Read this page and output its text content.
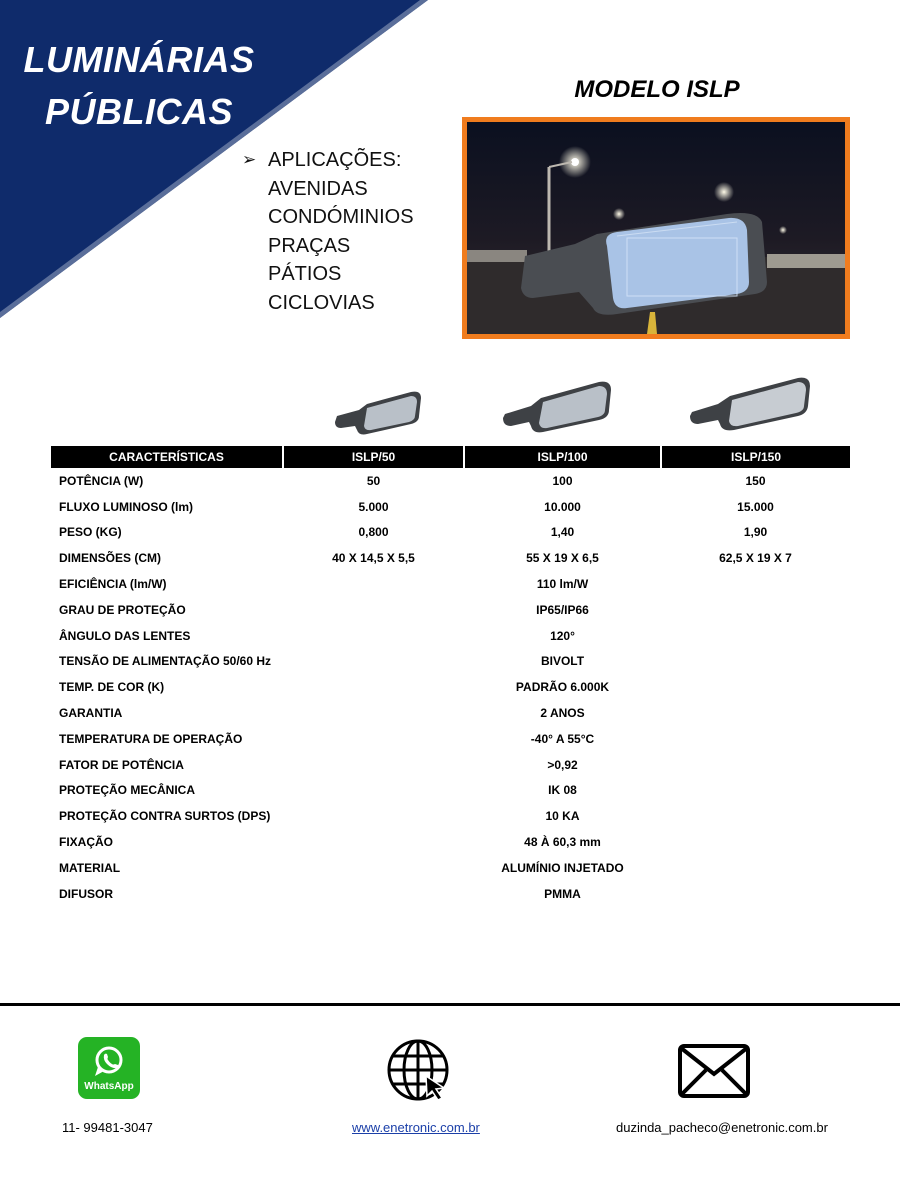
LUMINÁRIAS
PÚBLICAS
➢ APLICAÇÕES:
AVENIDAS
CONDÓMINIOS
PRAÇAS
PÁTIOS
CICLOVIAS
MODELO ISLP
CARACTERÍSTICAS	ISLP/50	ISLP/100	ISLP/150
POTÊNCIA (W)	50	100	150
FLUXO LUMINOSO (lm)	5.000	10.000	15.000
PESO (KG)	0,800	1,40	1,90
DIMENSÕES (CM)	40 X 14,5 X 5,5	55 X 19 X 6,5	62,5 X 19 X 7
EFICIÊNCIA (lm/W)		110 lm/W	
GRAU DE PROTEÇÃO		IP65/IP66	
ÂNGULO DAS LENTES		120°	
TENSÃO DE ALIMENTAÇÃO 50/60 Hz		BIVOLT	
TEMP. DE COR (K)		PADRÃO 6.000K	
GARANTIA		2 ANOS	
TEMPERATURA DE OPERAÇÃO		-40° A 55°C	
FATOR DE POTÊNCIA		>0,92	
PROTEÇÃO MECÂNICA		IK 08	
PROTEÇÃO CONTRA SURTOS (DPS)		10 KA	
FIXAÇÃO		48 À 60,3 mm	
MATERIAL		ALUMÍNIO INJETADO	
DIFUSOR		PMMA	
WhatsApp
11- 99481-3047	www.enetronic.com.br	duzinda_pacheco@enetronic.com.br
